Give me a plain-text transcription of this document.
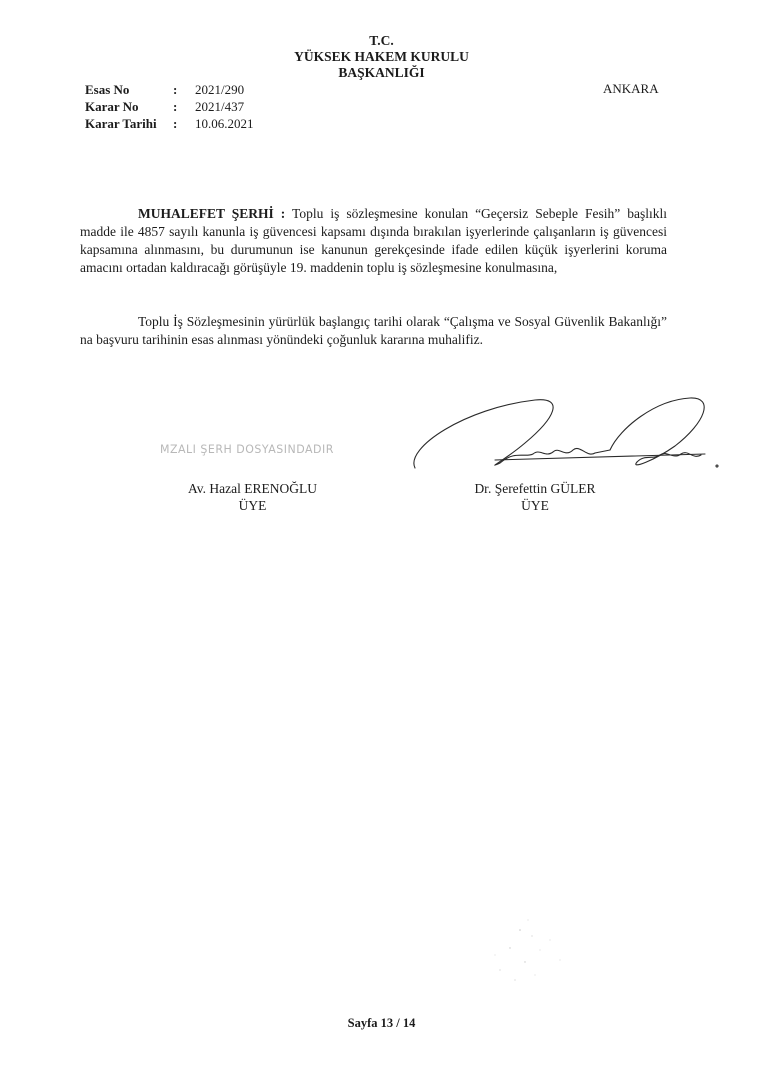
T.C.
YÜKSEK HAKEM KURULU
BAŞKANLIĞI
Esas No	:	2021/290
Karar No	:	2021/437
Karar Tarihi	:	10.06.2021
ANKARA

MUHALEFET ŞERHİ : Toplu iş sözleşmesine konulan “Geçersiz Sebeple Fesih” başlıklı madde ile 4857 sayılı kanunla iş güvencesi kapsamı dışında bırakılan işyerlerinde çalışanların iş güvencesi kapsamına alınmasını, bu durumunun ise kanunun gerekçesinde ifade edilen küçük işyerlerini koruma amacını ortadan kaldıracağı görüşüyle 19. maddenin toplu iş sözleşmesine konulmasına,

Toplu İş Sözleşmesinin yürürlük başlangıç tarihi olarak “Çalışma ve Sosyal Güvenlik Bakanlığı” na başvuru tarihinin esas alınması yönündeki çoğunluk kararına muhalifiz.

MZALI ŞERH DOSYASINDADIR
Av. Hazal ERENOĞLU
ÜYE
Dr. Şerefettin GÜLER
ÜYE
Sayfa 13 / 14
